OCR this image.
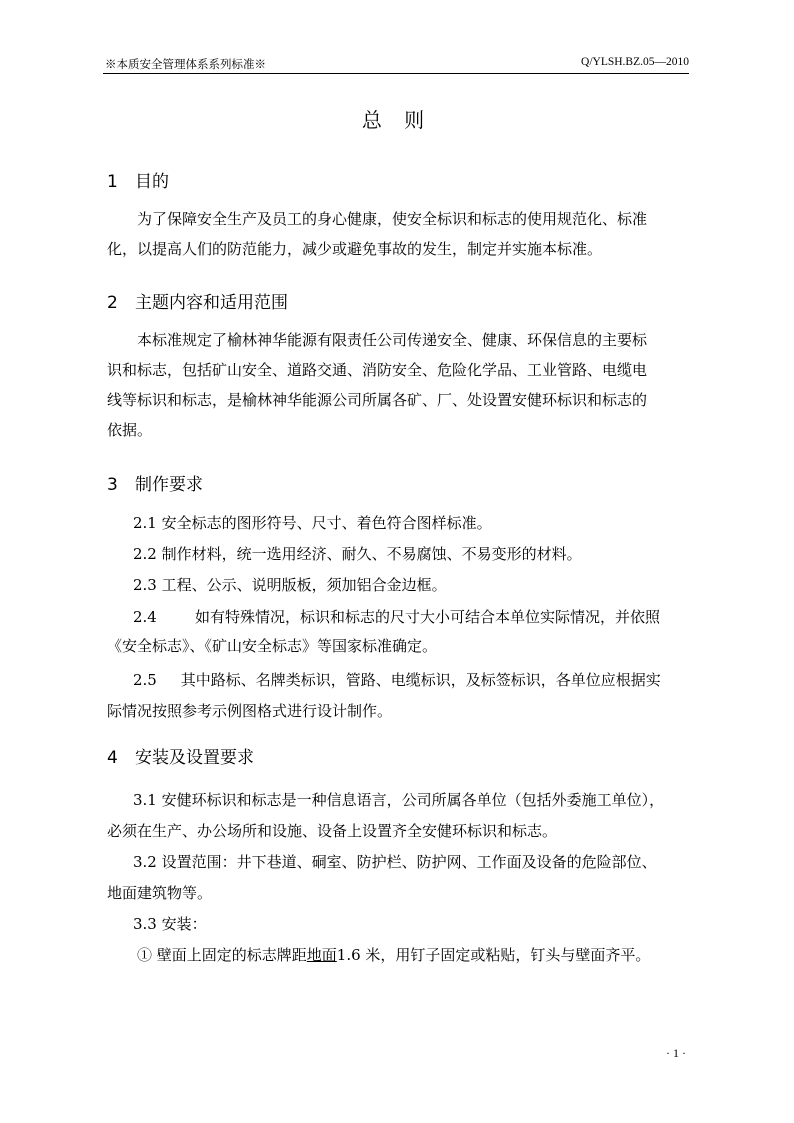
※本质安全管理体系系列标准※	Q/YLSH.BZ.05—2010
总 则
1 目的
为了保障安全生产及员工的身心健康，使安全标识和标志的使用规范化、标准
化，以提高人们的防范能力，减少或避免事故的发生，制定并实施本标准。
2 主题内容和适用范围
本标准规定了榆林神华能源有限责任公司传递安全、健康、环保信息的主要标
识和标志，包括矿山安全、道路交通、消防安全、危险化学品、工业管路、电缆电
线等标识和标志，是榆林神华能源公司所属各矿、厂、处设置安健环标识和标志的
依据。
3 制作要求
2.1 安全标志的图形符号、尺寸、着色符合图样标准。
2.2 制作材料，统一选用经济、耐久、不易腐蚀、不易变形的材料。
2.3 工程、公示、说明版板，须加铝合金边框。
2.4        如有特殊情况，标识和标志的尺寸大小可结合本单位实际情况，并依照
《安全标志》、《矿山安全标志》等国家标准确定。
2.5     其中路标、名牌类标识，管路、电缆标识，及标签标识，各单位应根据实
际情况按照参考示例图格式进行设计制作。
4 安装及设置要求
3.1 安健环标识和标志是一种信息语言，公司所属各单位（包括外委施工单位），
必须在生产、办公场所和设施、设备上设置齐全安健环标识和标志。
3.2 设置范围：井下巷道、硐室、防护栏、防护网、工作面及设备的危险部位、
地面建筑物等。
3.3 安装：
① 壁面上固定的标志牌距地面1.6 米，用钉子固定或粘贴，钉头与壁面齐平。
· 1 ·
